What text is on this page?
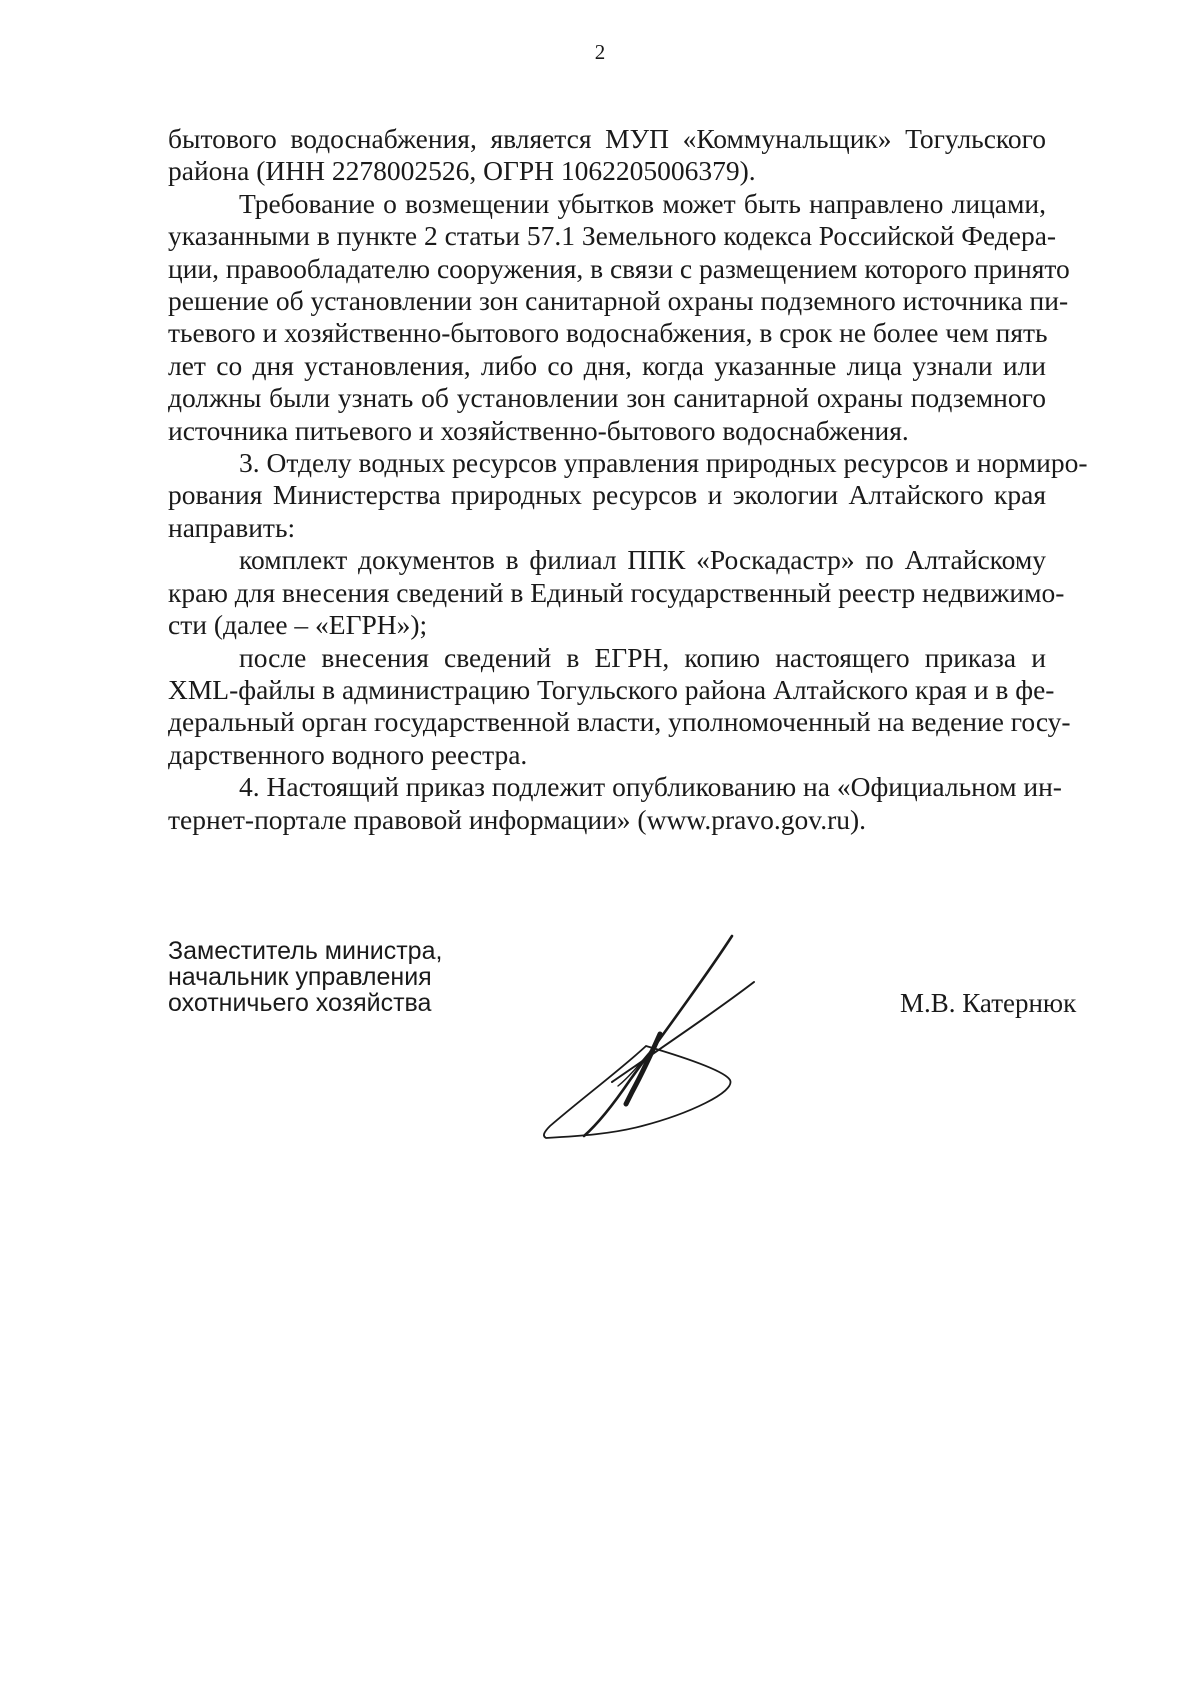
2
бытового водоснабжения, является МУП «Коммунальщик» Тогульского
района (ИНН 2278002526, ОГРН 1062205006379).
Требование о возмещении убытков может быть направлено лицами,
указанными в пункте 2 статьи 57.1 Земельного кодекса Российской Федера-
ции, правообладателю сооружения, в связи с размещением которого принято
решение об установлении зон санитарной охраны подземного источника пи-
тьевого и хозяйственно-бытового водоснабжения, в срок не более чем пять
лет со дня установления, либо со дня, когда указанные лица узнали или
должны были узнать об установлении зон санитарной охраны подземного
источника питьевого и хозяйственно-бытового водоснабжения.
3. Отделу водных ресурсов управления природных ресурсов и нормиро-
рования Министерства природных ресурсов и экологии Алтайского края
направить:
комплект документов в филиал ППК «Роскадастр» по Алтайскому
краю для внесения сведений в Единый государственный реестр недвижимо-
сти (далее – «ЕГРН»);
после внесения сведений в ЕГРН, копию настоящего приказа и
XML-файлы в администрацию Тогульского района Алтайского края и в фе-
деральный орган государственной власти, уполномоченный на ведение госу-
дарственного водного реестра.
4. Настоящий приказ подлежит опубликованию на «Официальном ин-
тернет-портале правовой информации» (www.pravo.gov.ru).
Заместитель министра,
начальник управления
охотничьего хозяйства	М.В. Катернюк
